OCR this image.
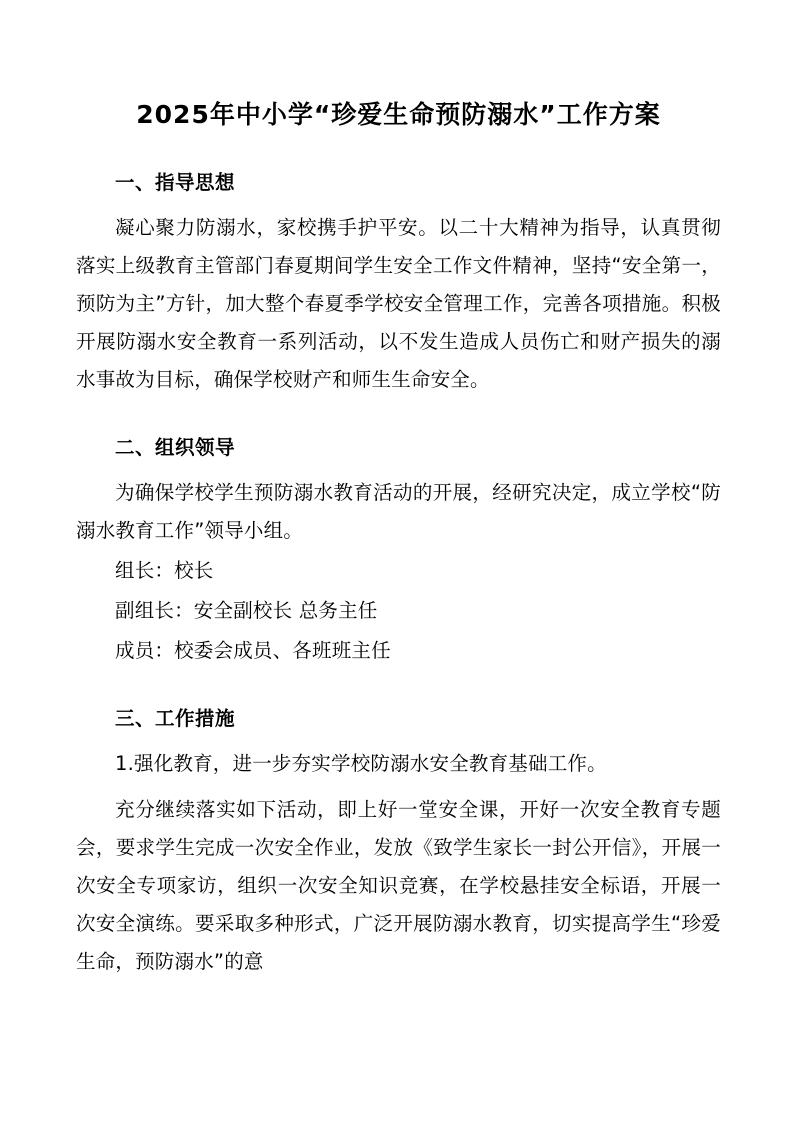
2025年中小学“珍爱生命预防溺水”工作方案
一、指导思想

凝心聚力防溺水，家校携手护平安。以二十大精神为指导，认真贯彻落实上级教育主管部门春夏期间学生安全工作文件精神，坚持“安全第一，预防为主”方针，加大整个春夏季学校安全管理工作，完善各项措施。积极开展防溺水安全教育一系列活动，以不发生造成人员伤亡和财产损失的溺水事故为目标，确保学校财产和师生生命安全。

二、组织领导

为确保学校学生预防溺水教育活动的开展，经研究决定，成立学校“防溺水教育工作”领导小组。

组长：校长

副组长：安全副校长 总务主任

成员：校委会成员、各班班主任

三、工作措施

1.强化教育，进一步夯实学校防溺水安全教育基础工作。

充分继续落实如下活动，即上好一堂安全课，开好一次安全教育专题会，要求学生完成一次安全作业，发放《致学生家长一封公开信》，开展一次安全专项家访，组织一次安全知识竞赛，在学校悬挂安全标语，开展一次安全演练。要采取多种形式，广泛开展防溺水教育，切实提高学生“珍爱生命，预防溺水”的意
